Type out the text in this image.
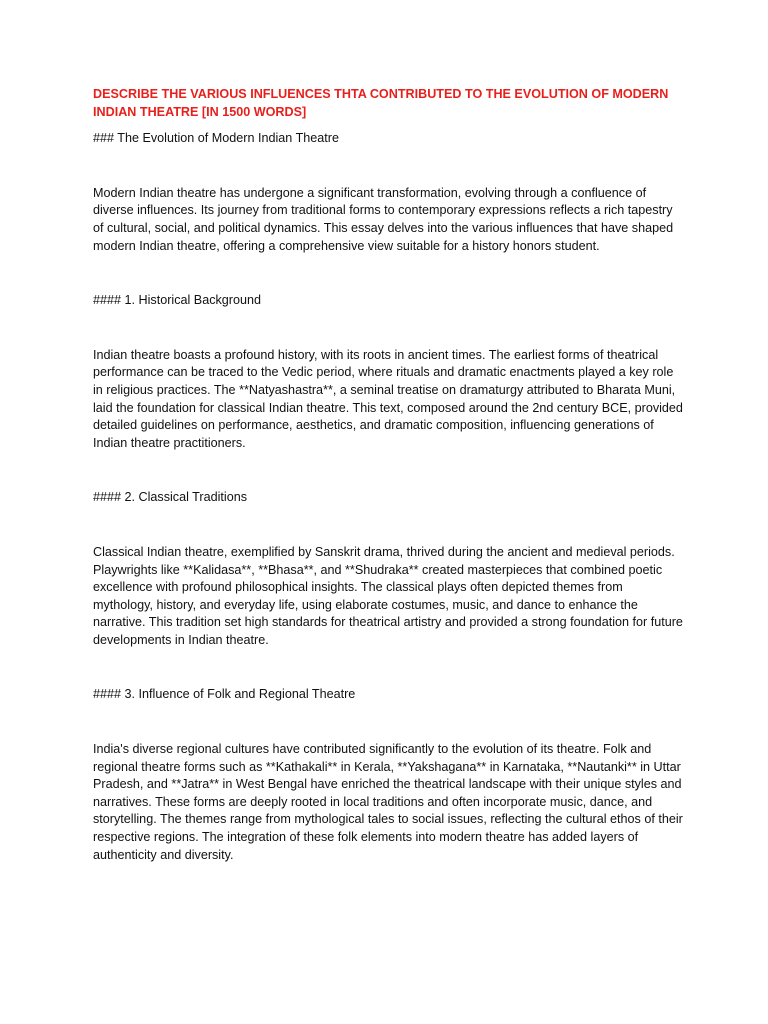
DESCRIBE THE VARIOUS INFLUENCES THTA CONTRIBUTED TO THE EVOLUTION OF MODERN INDIAN THEATRE [IN 1500 WORDS]

### The Evolution of Modern Indian Theatre

Modern Indian theatre has undergone a significant transformation, evolving through a confluence of diverse influences. Its journey from traditional forms to contemporary expressions reflects a rich tapestry of cultural, social, and political dynamics. This essay delves into the various influences that have shaped modern Indian theatre, offering a comprehensive view suitable for a history honors student.

#### 1. Historical Background

Indian theatre boasts a profound history, with its roots in ancient times. The earliest forms of theatrical performance can be traced to the Vedic period, where rituals and dramatic enactments played a key role in religious practices. The **Natyashastra**, a seminal treatise on dramaturgy attributed to Bharata Muni, laid the foundation for classical Indian theatre. This text, composed around the 2nd century BCE, provided detailed guidelines on performance, aesthetics, and dramatic composition, influencing generations of Indian theatre practitioners.

#### 2. Classical Traditions

Classical Indian theatre, exemplified by Sanskrit drama, thrived during the ancient and medieval periods. Playwrights like **Kalidasa**, **Bhasa**, and **Shudraka** created masterpieces that combined poetic excellence with profound philosophical insights. The classical plays often depicted themes from mythology, history, and everyday life, using elaborate costumes, music, and dance to enhance the narrative. This tradition set high standards for theatrical artistry and provided a strong foundation for future developments in Indian theatre.

#### 3. Influence of Folk and Regional Theatre

India's diverse regional cultures have contributed significantly to the evolution of its theatre. Folk and regional theatre forms such as **Kathakali** in Kerala, **Yakshagana** in Karnataka, **Nautanki** in Uttar Pradesh, and **Jatra** in West Bengal have enriched the theatrical landscape with their unique styles and narratives. These forms are deeply rooted in local traditions and often incorporate music, dance, and storytelling. The themes range from mythological tales to social issues, reflecting the cultural ethos of their respective regions. The integration of these folk elements into modern theatre has added layers of authenticity and diversity.
